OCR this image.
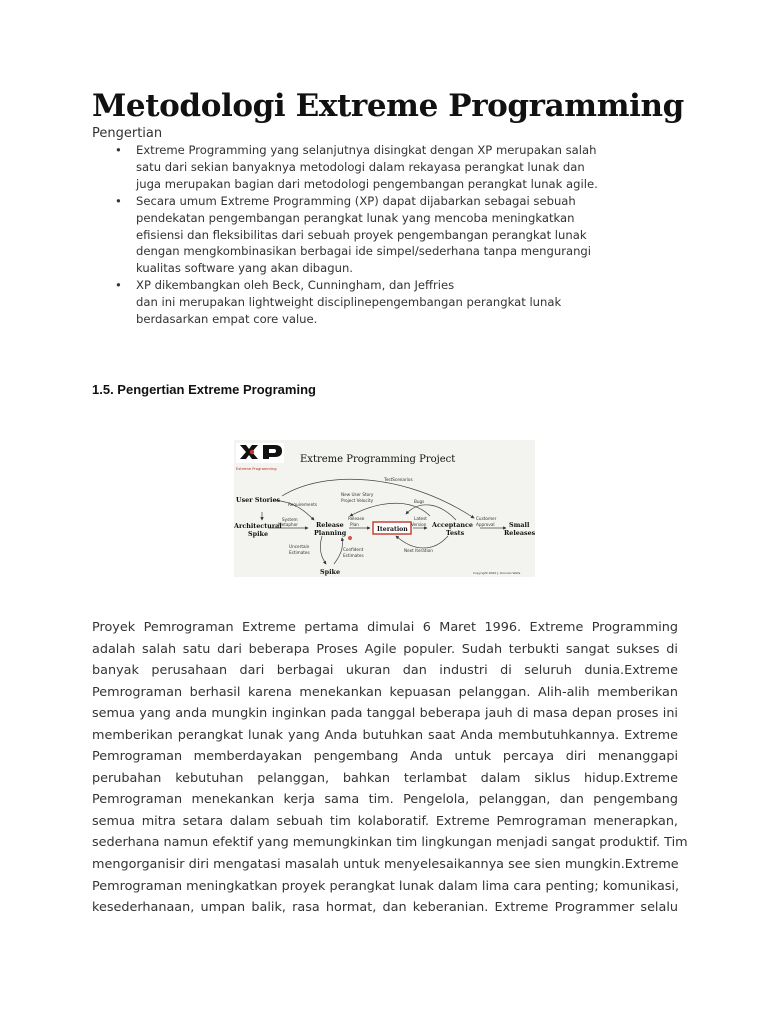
Metodologi Extreme Programming
Pengertian
• Extreme Programming yang selanjutnya disingkat dengan XP merupakan salah
satu dari sekian banyaknya metodologi dalam rekayasa perangkat lunak dan
juga merupakan bagian dari metodologi pengembangan perangkat lunak agile.
• Secara umum Extreme Programming (XP) dapat dijabarkan sebagai sebuah
pendekatan pengembangan perangkat lunak yang mencoba meningkatkan
efisiensi dan fleksibilitas dari sebuah proyek pengembangan perangkat lunak
dengan mengkombinasikan berbagai ide simpel/sederhana tanpa mengurangi
kualitas software yang akan dibagun.
• XP dikembangkan oleh Beck, Cunningham, dan Jeffries
dan ini merupakan lightweight disciplinepengembangan perangkat lunak
berdasarkan empat core value.
1.5. Pengertian Extreme Programing
Extreme Programming
Extreme Programming Project
User Stories
Architectural
Spike
Release
Planning
Acceptance
Tests
Small
Releases
Spike
Iteration
TestScenarios
Requirements
New User Story
Project Velocity	Bugs
System
Metaphor
Release
Plan
Latest
Version
Customer
Approval
Uncertain
Estimates
Confident
Estimates
Next Iteration
Copyright 2000 J. Donvan Wells
Proyek Pemrograman Extreme pertama dimulai 6 Maret 1996. Extreme Programming
adalah salah satu dari beberapa Proses Agile populer. Sudah terbukti sangat sukses di
banyak perusahaan dari berbagai ukuran dan industri di seluruh dunia.Extreme
Pemrograman berhasil karena menekankan kepuasan pelanggan. Alih-alih memberikan
semua yang anda mungkin inginkan pada tanggal beberapa jauh di masa depan proses ini
memberikan perangkat lunak yang Anda butuhkan saat Anda membutuhkannya. Extreme
Pemrograman memberdayakan pengembang Anda untuk percaya diri menanggapi
perubahan kebutuhan pelanggan, bahkan terlambat dalam siklus hidup.Extreme
Pemrograman menekankan kerja sama tim. Pengelola, pelanggan, dan pengembang
semua mitra setara dalam sebuah tim kolaboratif. Extreme Pemrograman menerapkan,
sederhana namun efektif yang memungkinkan tim lingkungan menjadi sangat produktif. Tim
mengorganisir diri mengatasi masalah untuk menyelesaikannya see sien mungkin.Extreme
Pemrograman meningkatkan proyek perangkat lunak dalam lima cara penting; komunikasi,
kesederhanaan, umpan balik, rasa hormat, dan keberanian. Extreme Programmer selalu
